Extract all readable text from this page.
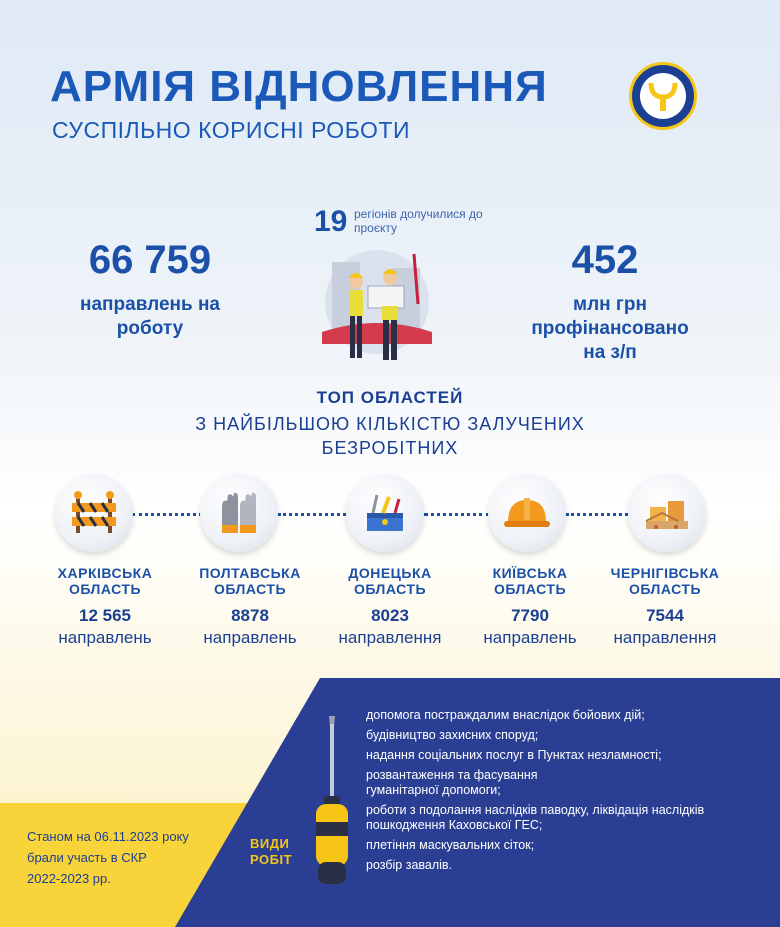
АРМІЯ ВІДНОВЛЕННЯ
СУСПІЛЬНО КОРИСНІ РОБОТИ
66 759
направлень на роботу
19 регіонів долучилися до проєкту
452
млн грн профінансовано на з/п
ТОП ОБЛАСТЕЙ
З НАЙБІЛЬШОЮ КІЛЬКІСТЮ ЗАЛУЧЕНИХ
БЕЗРОБІТНИХ
ХАРКІВСЬКА
ОБЛАСТЬ
12 565
направлень
ПОЛТАВСЬКА
ОБЛАСТЬ
8878
направлень
ДОНЕЦЬКА
ОБЛАСТЬ
8023
направлення
КИЇВСЬКА
ОБЛАСТЬ
7790
направлень
ЧЕРНІГІВСЬКА
ОБЛАСТЬ
7544
направлення
Станом на 06.11.2023 року
брали участь в СКР
2022-2023 рр.
ВИДИ
РОБІТ
допомога постраждалим внаслідок бойових дій;
будівництво захисних споруд;
надання соціальних послуг в Пунктах незламності;
розвантаження та фасування гуманітарної допомоги;
роботи з подолання наслідків паводку, ліквідація наслідків пошкодження Каховської ГЕС;
плетіння маскувальних сіток;
розбір завалів.
